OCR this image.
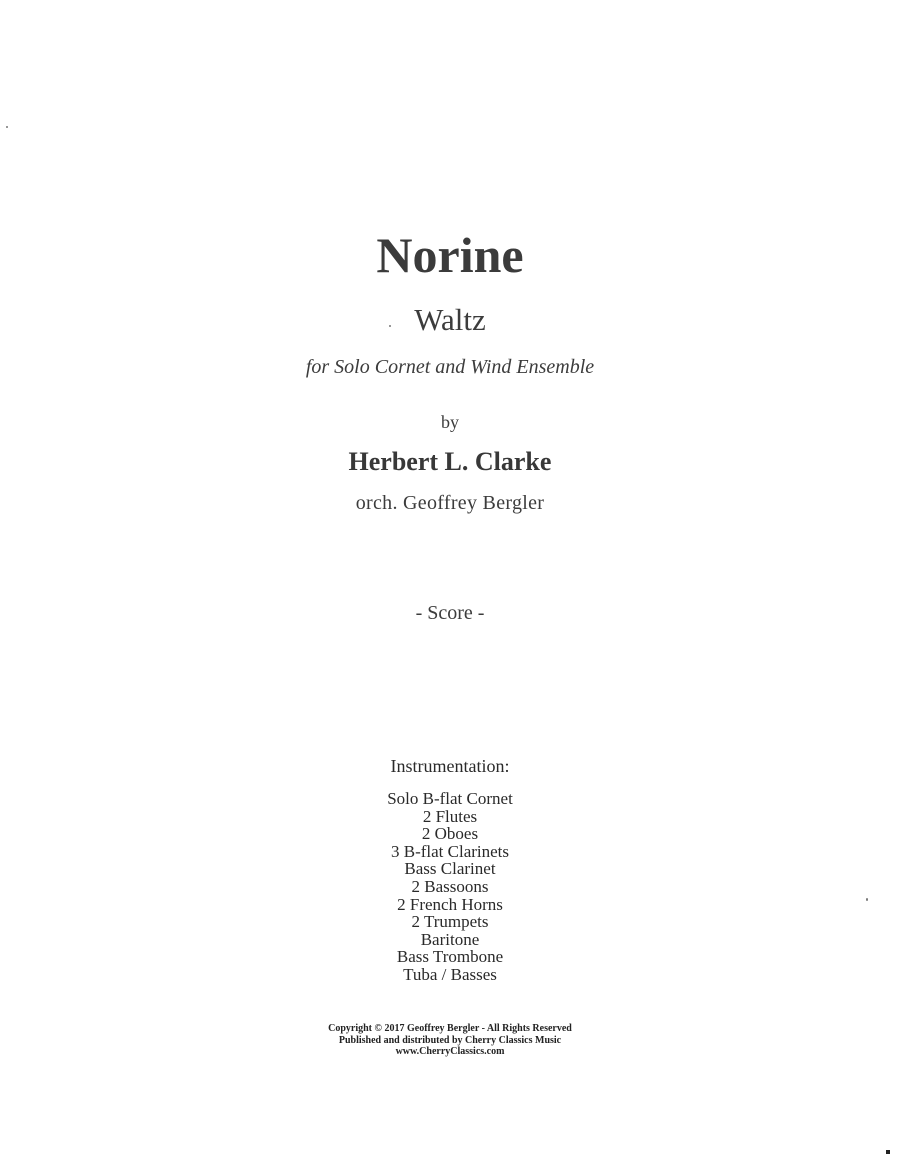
Norine
Waltz
for Solo Cornet and Wind Ensemble
by
Herbert L. Clarke
orch. Geoffrey Bergler
- Score -
Instrumentation:
Solo B-flat Cornet
2 Flutes
2 Oboes
3 B-flat Clarinets
Bass Clarinet
2 Bassoons
2 French Horns
2 Trumpets
Baritone
Bass Trombone
Tuba / Basses
Copyright © 2017 Geoffrey Bergler - All Rights Reserved
Published and distributed by Cherry Classics Music
www.CherryClassics.com
